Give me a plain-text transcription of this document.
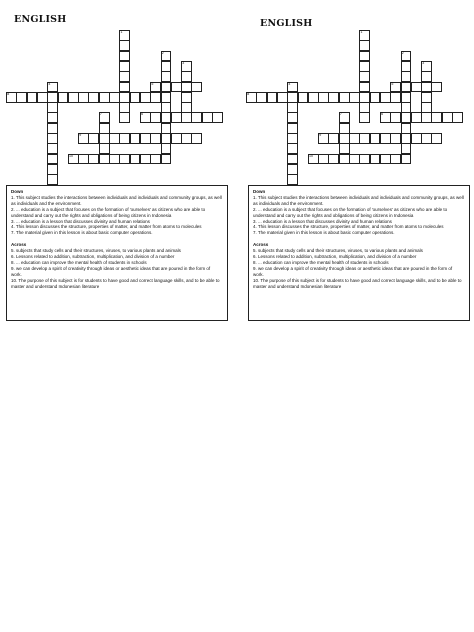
ENGLISH
1
2
3
4	5
8
6
7
9
10
Down

1. This subject studies the interactions between individuals and individuals and community groups, as well as individuals and the environment.

2. ... education is a subject that focuses on the formation of 'ourselves' as citizens who are able to understand and carry out the rights and obligations of being citizens in Indonesia

3. ... education is a lesson that discusses divinity and human relations

4. This lesson discusses the structure, properties of matter, and matter from atoms to molecules

7. The material given in this lesson is about basic computer operations.

Across

5. subjects that study cells and their structures, viruses, to various plants and animals

6. Lessons related to addition, subtraction, multiplication, and division of a number

8. ... education can improve the mental health of students in schools

9. we can develop a spirit of creativity through ideas or aesthetic ideas that are poured in the form of work.

10. The purpose of this subject is for students to have good and correct language skills, and to be able to master and understand Indonesian literature

ENGLISH
1
2
3
4	5
8
6
7
9
10
Down

1. This subject studies the interactions between individuals and individuals and community groups, as well as individuals and the environment.

2. ... education is a subject that focuses on the formation of 'ourselves' as citizens who are able to understand and carry out the rights and obligations of being citizens in Indonesia

3. ... education is a lesson that discusses divinity and human relations

4. This lesson discusses the structure, properties of matter, and matter from atoms to molecules

7. The material given in this lesson is about basic computer operations.

Across

5. subjects that study cells and their structures, viruses, to various plants and animals

6. Lessons related to addition, subtraction, multiplication, and division of a number

8. ... education can improve the mental health of students in schools

9. we can develop a spirit of creativity through ideas or aesthetic ideas that are poured in the form of work.

10. The purpose of this subject is for students to have good and correct language skills, and to be able to master and understand Indonesian literature
